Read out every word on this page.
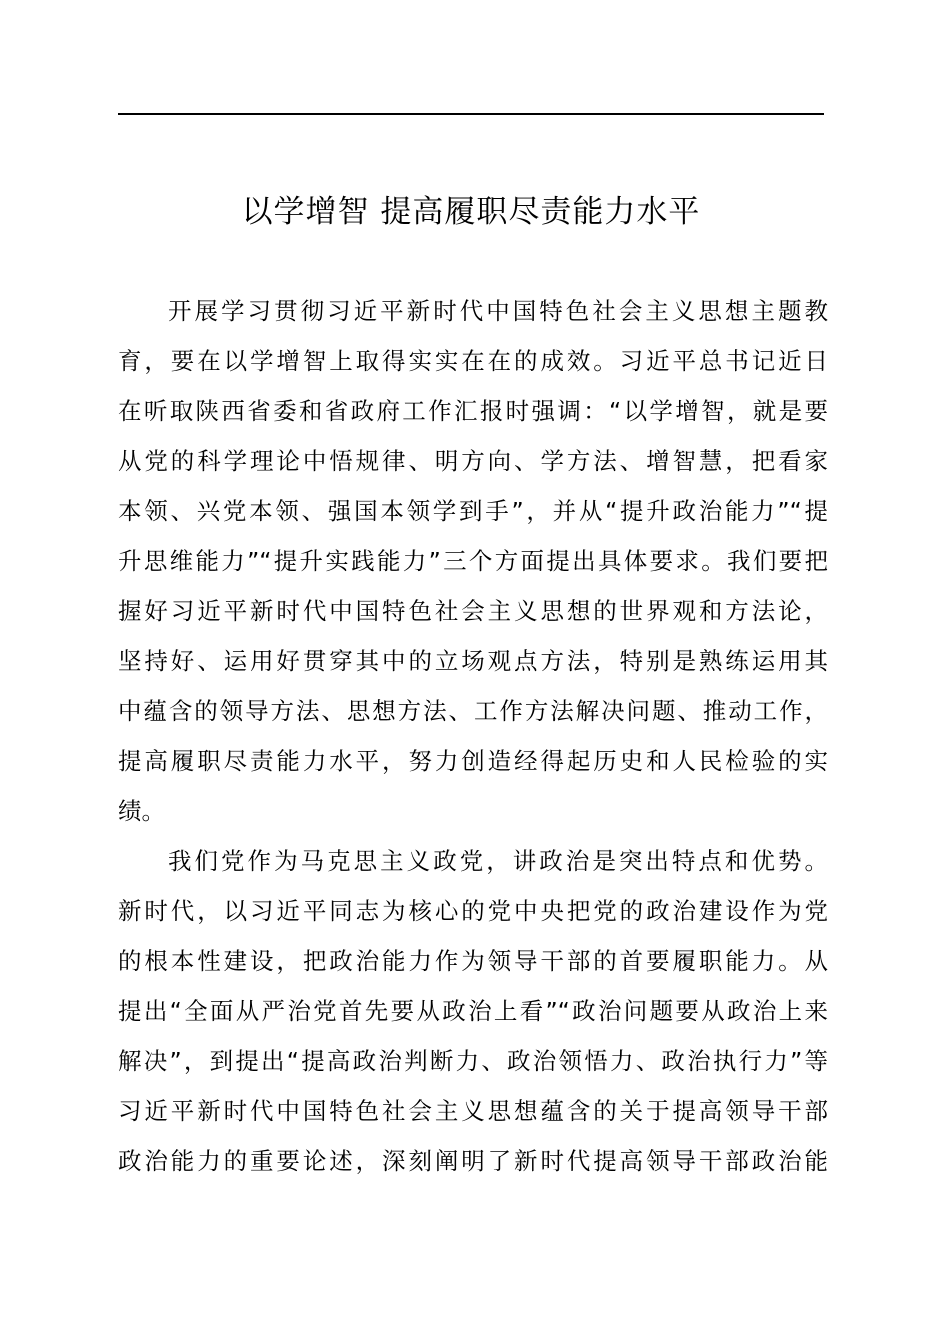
以学增智 提高履职尽责能力水平

开展学习贯彻习近平新时代中国特色社会主义思想主题教
育，要在以学增智上取得实实在在的成效。习近平总书记近日
在听取陕西省委和省政府工作汇报时强调：“以学增智，就是要
从党的科学理论中悟规律、明方向、学方法、增智慧，把看家
本领、兴党本领、强国本领学到手”，并从“提升政治能力”“提
升思维能力”“提升实践能力”三个方面提出具体要求。我们要把
握好习近平新时代中国特色社会主义思想的世界观和方法论，
坚持好、运用好贯穿其中的立场观点方法，特别是熟练运用其
中蕴含的领导方法、思想方法、工作方法解决问题、推动工作，
提高履职尽责能力水平，努力创造经得起历史和人民检验的实
绩。

我们党作为马克思主义政党，讲政治是突出特点和优势。
新时代，以习近平同志为核心的党中央把党的政治建设作为党
的根本性建设，把政治能力作为领导干部的首要履职能力。从
提出“全面从严治党首先要从政治上看”“政治问题要从政治上来
解决”，到提出“提高政治判断力、政治领悟力、政治执行力”等
习近平新时代中国特色社会主义思想蕴含的关于提高领导干部
政治能力的重要论述，深刻阐明了新时代提高领导干部政治能
